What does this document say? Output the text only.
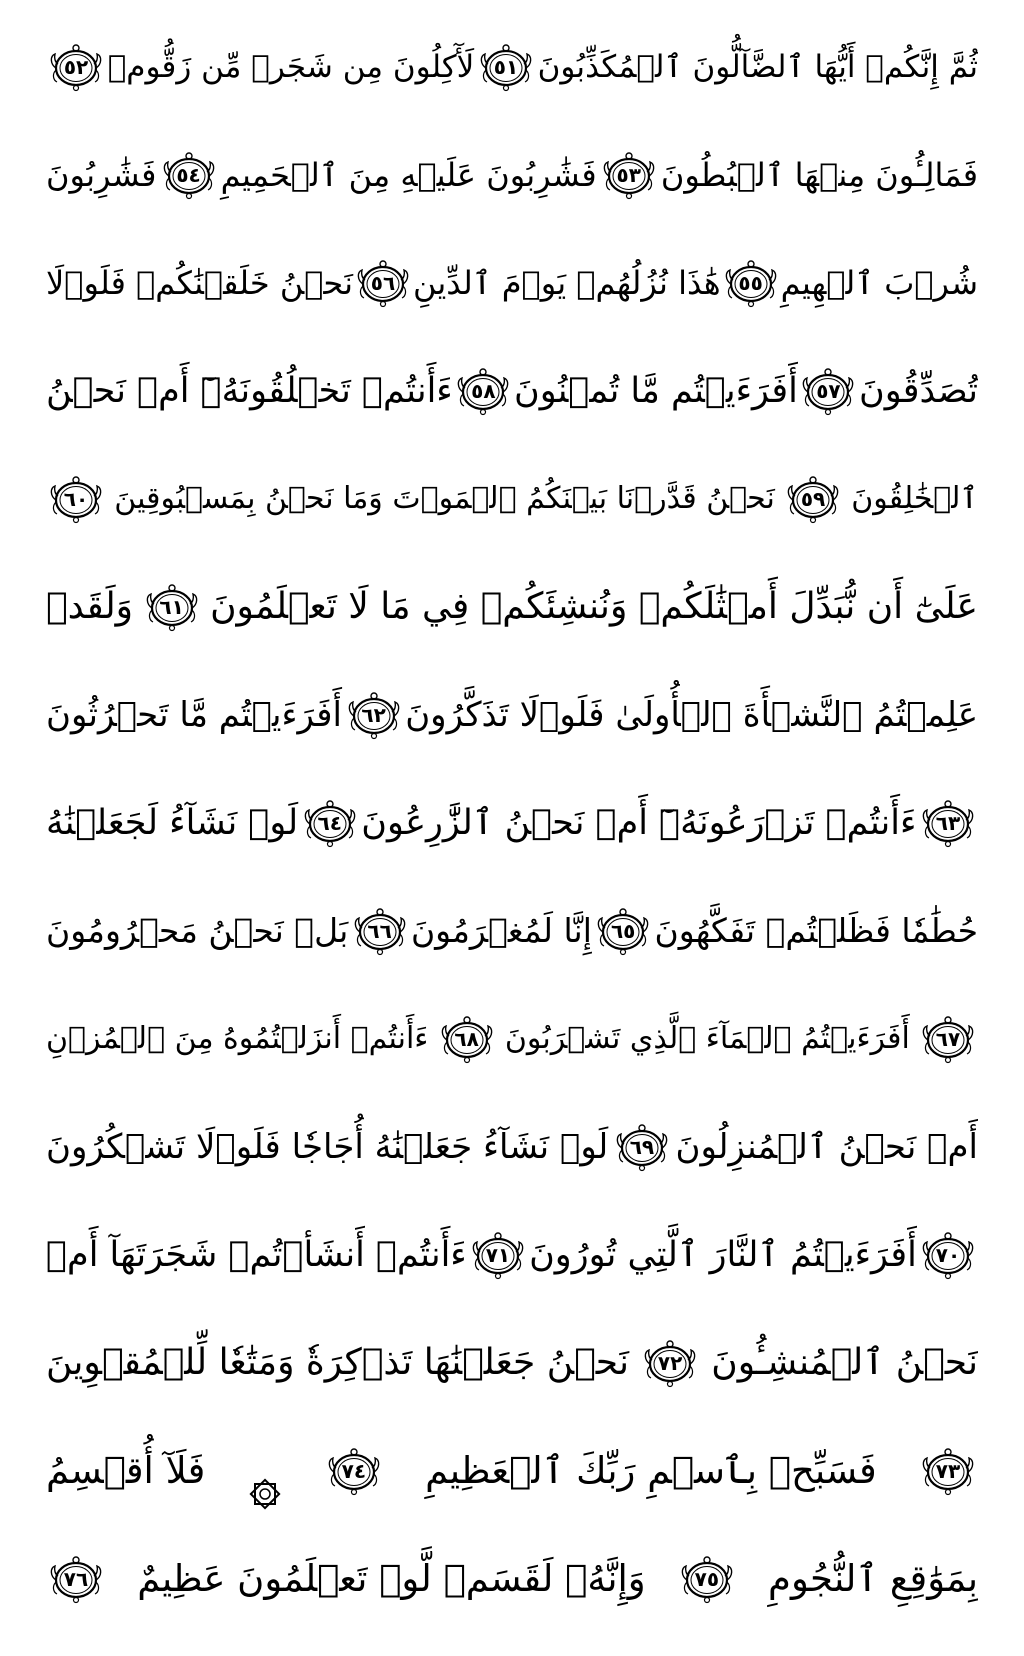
ثُمَّ إِنَّكُمۡ أَيُّهَا ٱلضَّآلُّونَ ٱلۡمُكَذِّبُونَ
٥١
لَأٓكِلُونَ مِن شَجَرٖ مِّن زَقُّومٖ
٥٢
فَمَالِـُٔونَ مِنۡهَا ٱلۡبُطُونَ
٥٣
فَشَٰرِبُونَ عَلَيۡهِ مِنَ ٱلۡحَمِيمِ
٥٤
فَشَٰرِبُونَ
شُرۡبَ ٱلۡهِيمِ
٥٥
هَٰذَا نُزُلُهُمۡ يَوۡمَ ٱلدِّينِ
٥٦
نَحۡنُ خَلَقۡنَٰكُمۡ فَلَوۡلَا
تُصَدِّقُونَ
٥٧
أَفَرَءَيۡتُم مَّا تُمۡنُونَ
٥٨
ءَأَنتُمۡ تَخۡلُقُونَهُۥٓ أَمۡ نَحۡنُ
ٱلۡخَٰلِقُونَ
٥٩
نَحۡنُ قَدَّرۡنَا بَيۡنَكُمُ ٱلۡمَوۡتَ وَمَا نَحۡنُ بِمَسۡبُوقِينَ
٦٠
عَلَىٰٓ أَن نُّبَدِّلَ أَمۡثَٰلَكُمۡ وَنُنشِئَكُمۡ فِي مَا لَا تَعۡلَمُونَ
٦١
وَلَقَدۡ
عَلِمۡتُمُ ٱلنَّشۡأَةَ ٱلۡأُولَىٰ فَلَوۡلَا تَذَكَّرُونَ
٦٢
أَفَرَءَيۡتُم مَّا تَحۡرُثُونَ
٦٣
ءَأَنتُمۡ تَزۡرَعُونَهُۥٓ أَمۡ نَحۡنُ ٱلزَّٰرِعُونَ
٦٤
لَوۡ نَشَآءُ لَجَعَلۡنَٰهُ
حُطَٰمٗا فَظَلۡتُمۡ تَفَكَّهُونَ
٦٥
إِنَّا لَمُغۡرَمُونَ
٦٦
بَلۡ نَحۡنُ مَحۡرُومُونَ
٦٧
أَفَرَءَيۡتُمُ ٱلۡمَآءَ ٱلَّذِي تَشۡرَبُونَ
٦٨
ءَأَنتُمۡ أَنزَلۡتُمُوهُ مِنَ ٱلۡمُزۡنِ
أَمۡ نَحۡنُ ٱلۡمُنزِلُونَ
٦٩
لَوۡ نَشَآءُ جَعَلۡنَٰهُ أُجَاجٗا فَلَوۡلَا تَشۡكُرُونَ
٧٠
أَفَرَءَيۡتُمُ ٱلنَّارَ ٱلَّتِي تُورُونَ
٧١
ءَأَنتُمۡ أَنشَأۡتُمۡ شَجَرَتَهَآ أَمۡ
نَحۡنُ ٱلۡمُنشِـُٔونَ
٧٢
نَحۡنُ جَعَلۡنَٰهَا تَذۡكِرَةٗ وَمَتَٰعٗا لِّلۡمُقۡوِينَ
٧٣
فَسَبِّحۡ بِٱسۡمِ رَبِّكَ ٱلۡعَظِيمِ
٧٤
فَلَآ أُقۡسِمُ
بِمَوَٰقِعِ ٱلنُّجُومِ
٧٥
وَإِنَّهُۥ لَقَسَمٞ لَّوۡ تَعۡلَمُونَ عَظِيمٌ
٧٦
